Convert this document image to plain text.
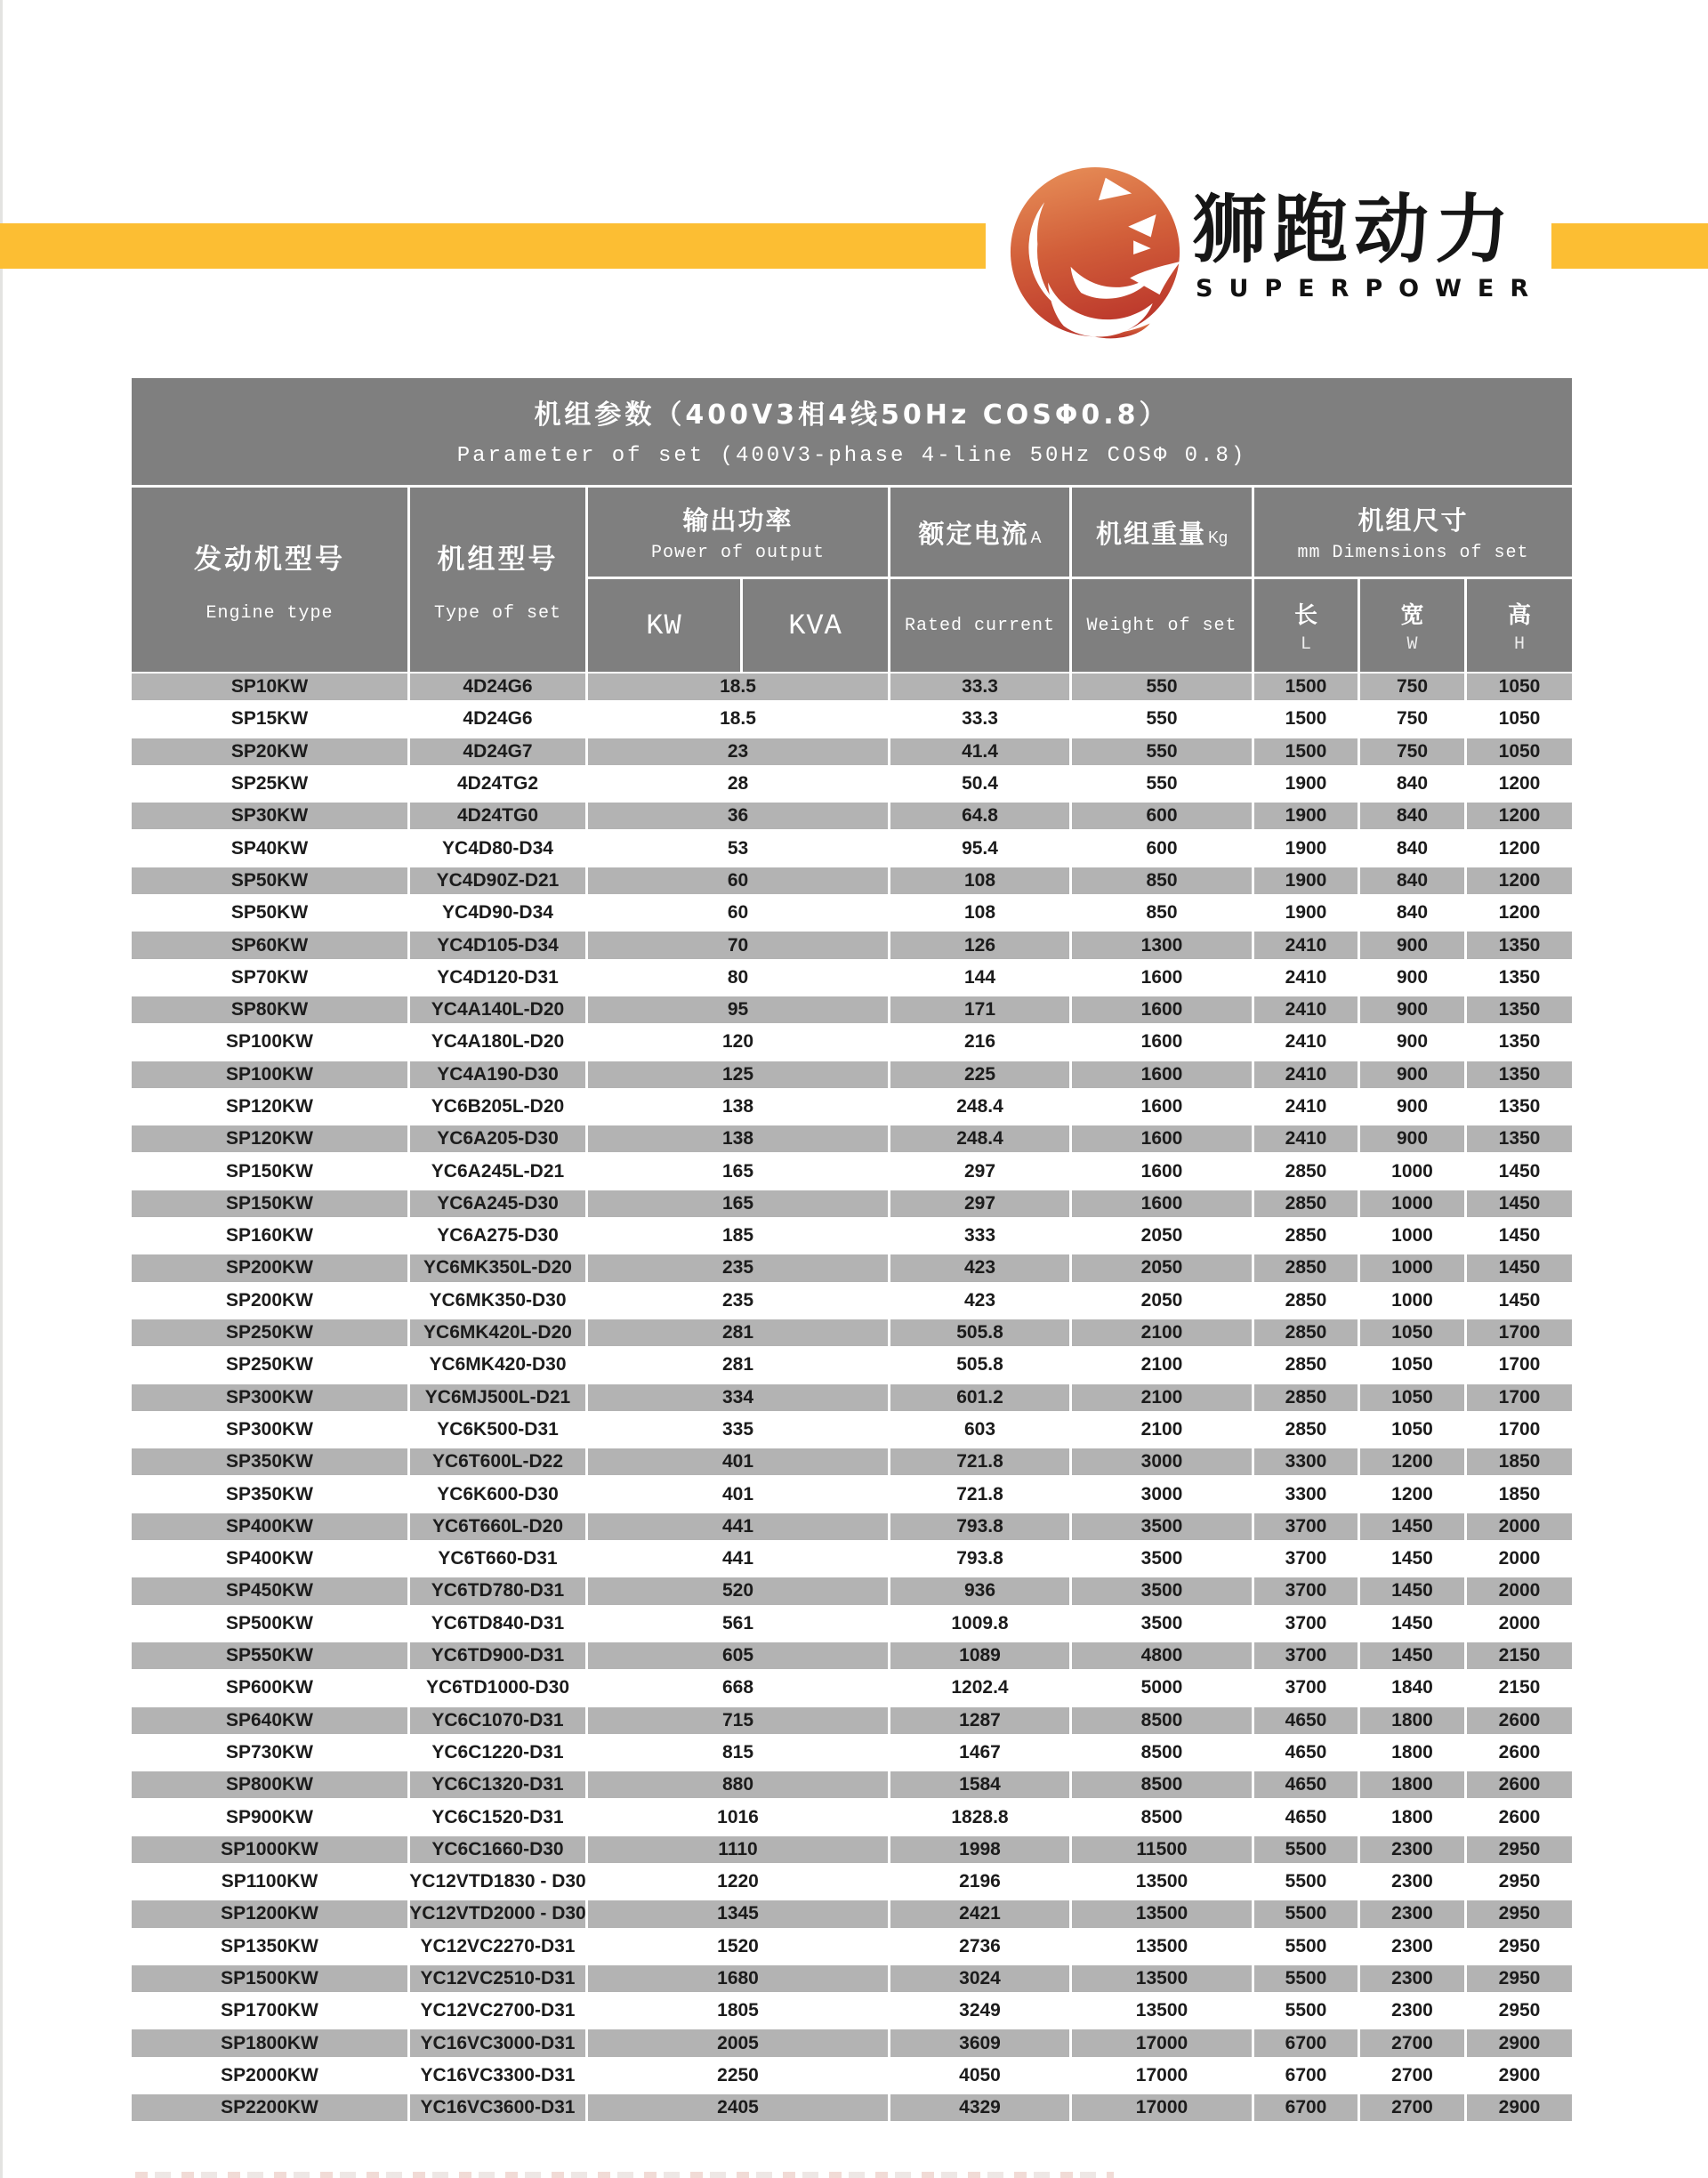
狮跑动力
SUPERPOWER
机组参数（400V3相4线50Hz COSΦ0.8）
Parameter of set (400V3-phase 4-line 50Hz COSΦ 0.8)
发动机型号
Engine type
机组型号
Type of set
输出功率
Power of output
KW	KVA
额定电流 A
Rated current
机组重量 Kg
Weight of set
机组尺寸
mm Dimensions of set
长
L
宽
W
高
H
SP10KW	4D24G6	18.5	33.3	550	1500	750	1050
SP15KW	4D24G6	18.5	33.3	550	1500	750	1050
SP20KW	4D24G7	23	41.4	550	1500	750	1050
SP25KW	4D24TG2	28	50.4	550	1900	840	1200
SP30KW	4D24TG0	36	64.8	600	1900	840	1200
SP40KW	YC4D80-D34	53	95.4	600	1900	840	1200
SP50KW	YC4D90Z-D21	60	108	850	1900	840	1200
SP50KW	YC4D90-D34	60	108	850	1900	840	1200
SP60KW	YC4D105-D34	70	126	1300	2410	900	1350
SP70KW	YC4D120-D31	80	144	1600	2410	900	1350
SP80KW	YC4A140L-D20	95	171	1600	2410	900	1350
SP100KW	YC4A180L-D20	120	216	1600	2410	900	1350
SP100KW	YC4A190-D30	125	225	1600	2410	900	1350
SP120KW	YC6B205L-D20	138	248.4	1600	2410	900	1350
SP120KW	YC6A205-D30	138	248.4	1600	2410	900	1350
SP150KW	YC6A245L-D21	165	297	1600	2850	1000	1450
SP150KW	YC6A245-D30	165	297	1600	2850	1000	1450
SP160KW	YC6A275-D30	185	333	2050	2850	1000	1450
SP200KW	YC6MK350L-D20	235	423	2050	2850	1000	1450
SP200KW	YC6MK350-D30	235	423	2050	2850	1000	1450
SP250KW	YC6MK420L-D20	281	505.8	2100	2850	1050	1700
SP250KW	YC6MK420-D30	281	505.8	2100	2850	1050	1700
SP300KW	YC6MJ500L-D21	334	601.2	2100	2850	1050	1700
SP300KW	YC6K500-D31	335	603	2100	2850	1050	1700
SP350KW	YC6T600L-D22	401	721.8	3000	3300	1200	1850
SP350KW	YC6K600-D30	401	721.8	3000	3300	1200	1850
SP400KW	YC6T660L-D20	441	793.8	3500	3700	1450	2000
SP400KW	YC6T660-D31	441	793.8	3500	3700	1450	2000
SP450KW	YC6TD780-D31	520	936	3500	3700	1450	2000
SP500KW	YC6TD840-D31	561	1009.8	3500	3700	1450	2000
SP550KW	YC6TD900-D31	605	1089	4800	3700	1450	2150
SP600KW	YC6TD1000-D30	668	1202.4	5000	3700	1840	2150
SP640KW	YC6C1070-D31	715	1287	8500	4650	1800	2600
SP730KW	YC6C1220-D31	815	1467	8500	4650	1800	2600
SP800KW	YC6C1320-D31	880	1584	8500	4650	1800	2600
SP900KW	YC6C1520-D31	1016	1828.8	8500	4650	1800	2600
SP1000KW	YC6C1660-D30	1110	1998	11500	5500	2300	2950
SP1100KW	YC12VTD1830 - D30	1220	2196	13500	5500	2300	2950
SP1200KW	YC12VTD2000 - D30	1345	2421	13500	5500	2300	2950
SP1350KW	YC12VC2270-D31	1520	2736	13500	5500	2300	2950
SP1500KW	YC12VC2510-D31	1680	3024	13500	5500	2300	2950
SP1700KW	YC12VC2700-D31	1805	3249	13500	5500	2300	2950
SP1800KW	YC16VC3000-D31	2005	3609	17000	6700	2700	2900
SP2000KW	YC16VC3300-D31	2250	4050	17000	6700	2700	2900
SP2200KW	YC16VC3600-D31	2405	4329	17000	6700	2700	2900
